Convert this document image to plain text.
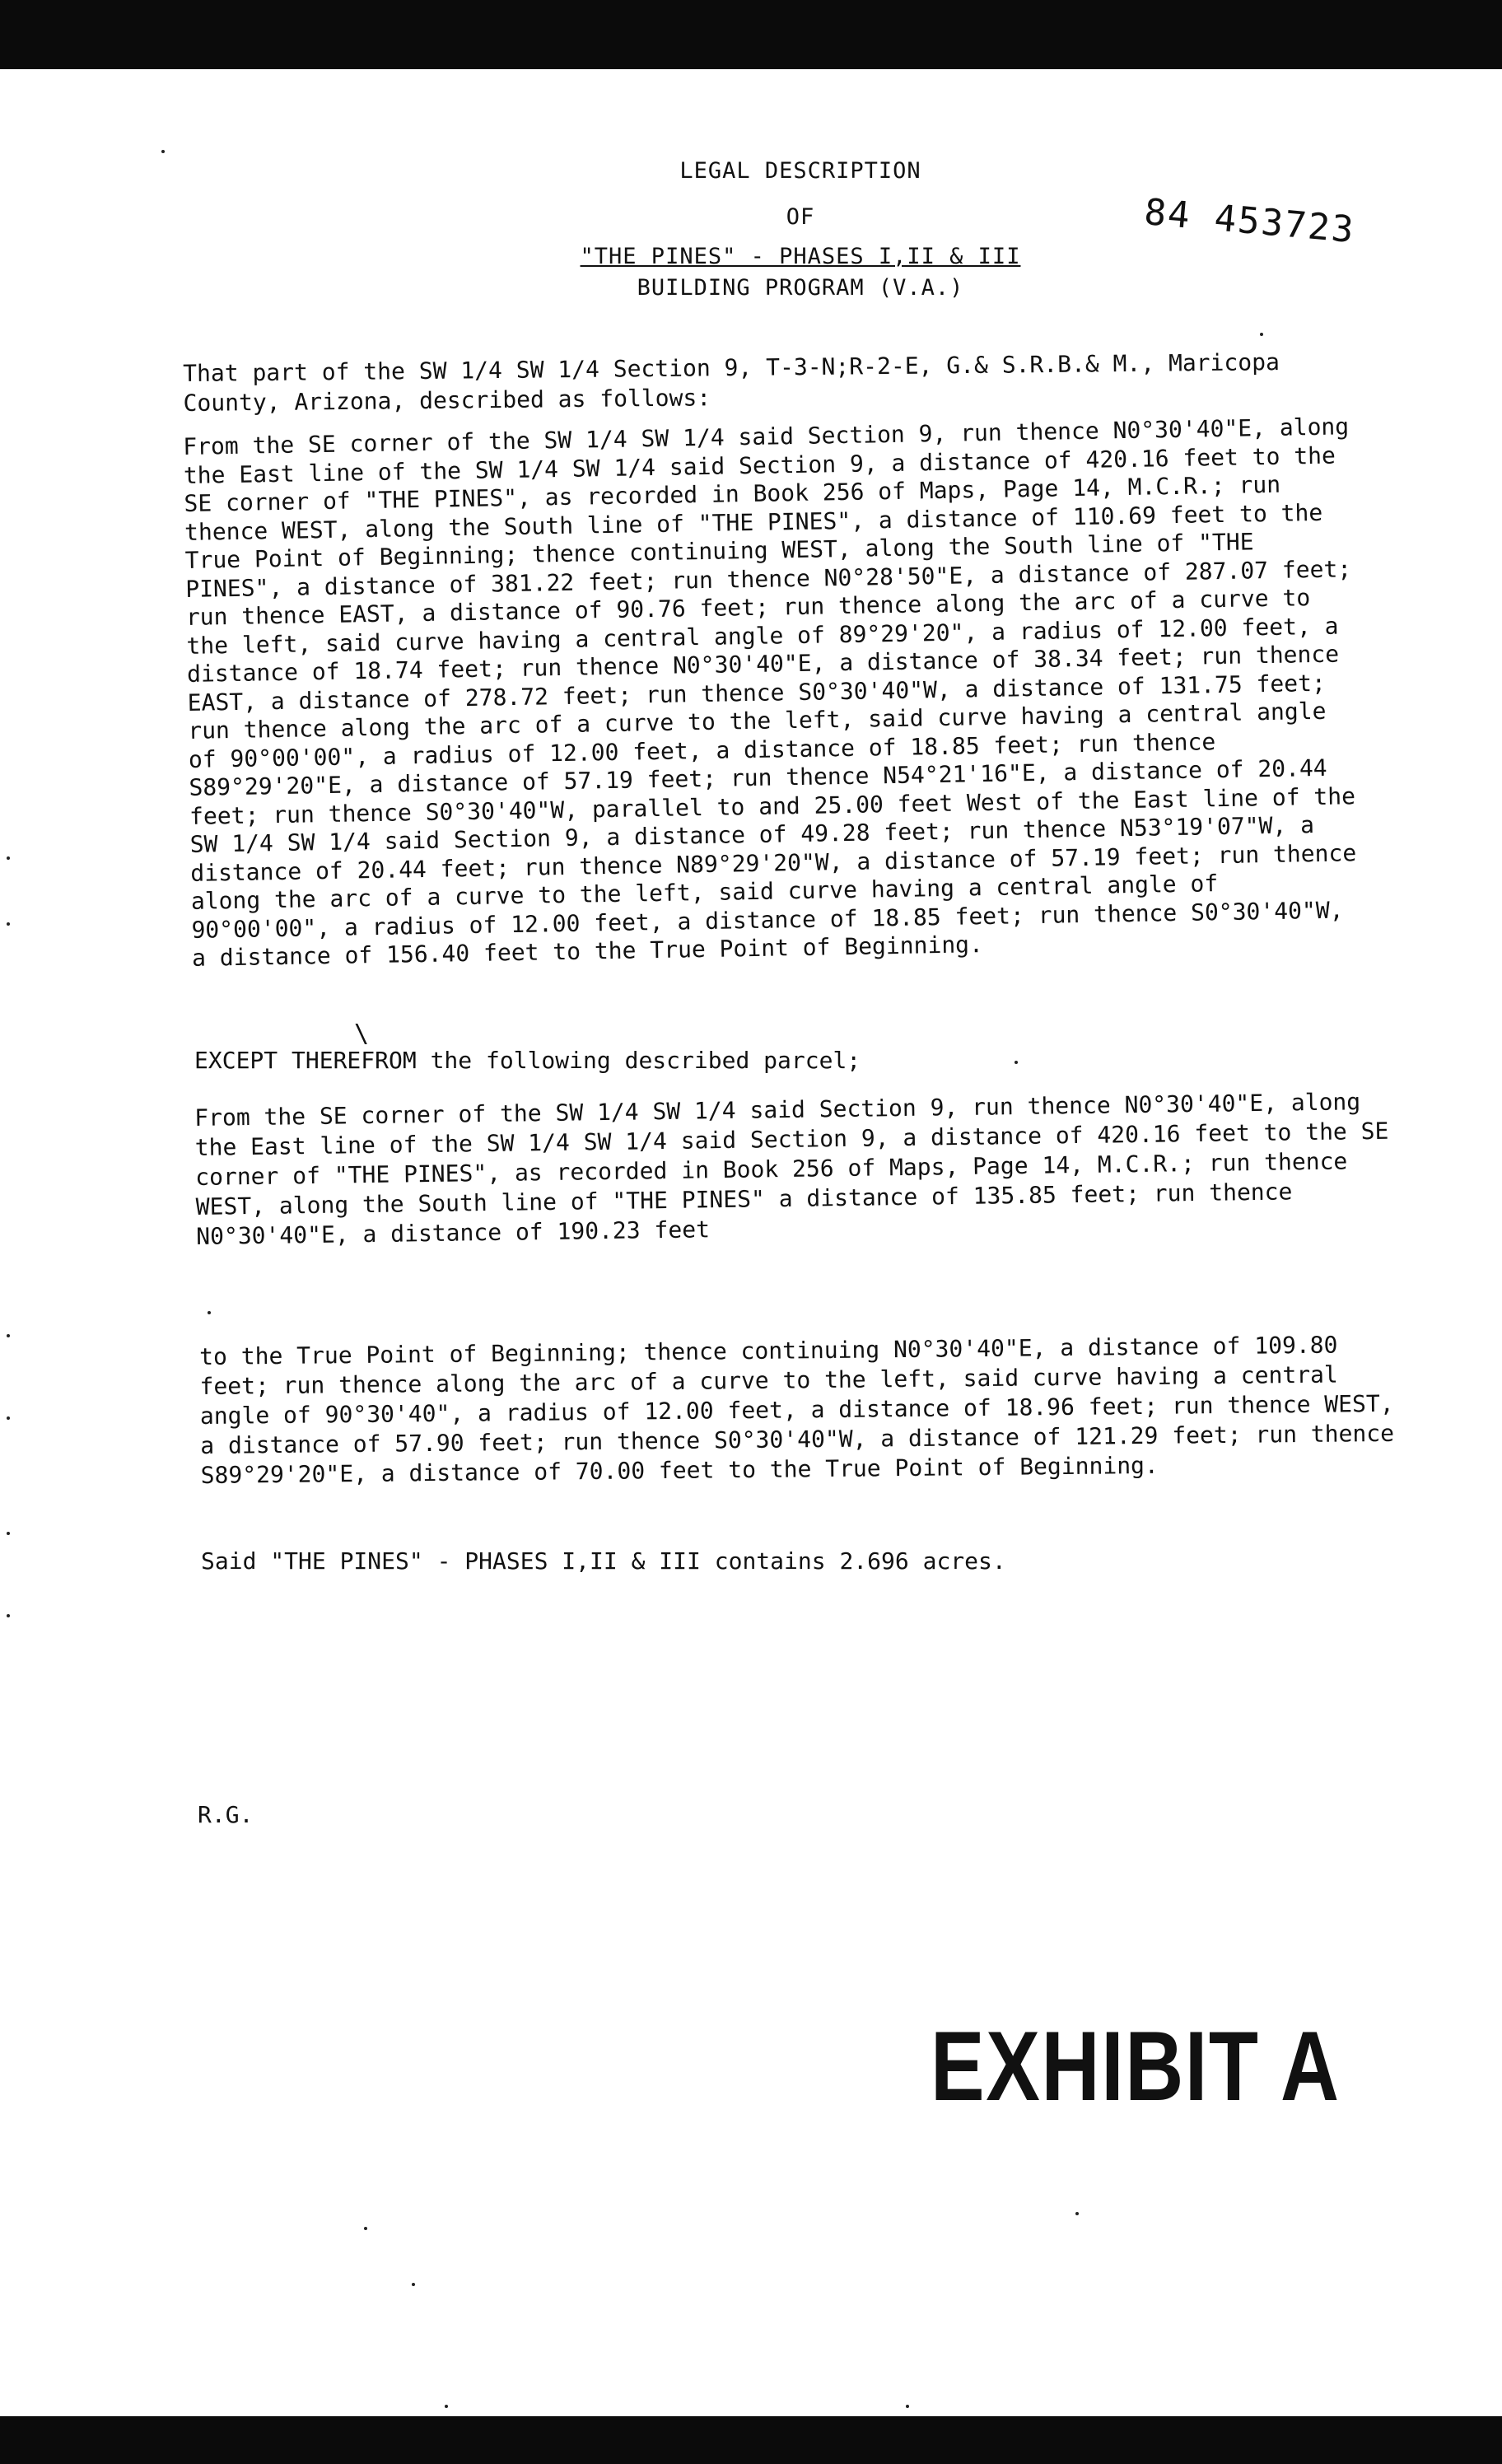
LEGAL DESCRIPTION
OF
"THE PINES" - PHASES I,II & III
BUILDING PROGRAM (V.A.)
84 453723

That part of the SW 1/4 SW 1/4 Section 9, T-3-N;R-2-E, G.& S.R.B.& M., Maricopa County, Arizona, described as follows:

From the SE corner of the SW 1/4 SW 1/4 said Section 9, run thence N0°30'40"E, along the East line of the SW 1/4 SW 1/4 said Section 9, a distance of 420.16 feet to the SE corner of "THE PINES", as recorded in Book 256 of Maps, Page 14, M.C.R.; run thence WEST, along the South line of "THE PINES", a distance of 110.69 feet to the True Point of Beginning; thence continuing WEST, along the South line of "THE PINES", a distance of 381.22 feet; run thence N0°28'50"E, a distance of 287.07 feet; run thence EAST, a distance of 90.76 feet; run thence along the arc of a curve to the left, said curve having a central angle of 89°29'20", a radius of 12.00 feet, a distance of 18.74 feet; run thence N0°30'40"E, a distance of 38.34 feet; run thence EAST, a distance of 278.72 feet; run thence S0°30'40"W, a distance of 131.75 feet; run thence along the arc of a curve to the left, said curve having a central angle of 90°00'00", a radius of 12.00 feet, a distance of 18.85 feet; run thence S89°29'20"E, a distance of 57.19 feet; run thence N54°21'16"E, a distance of 20.44 feet; run thence S0°30'40"W, parallel to and 25.00 feet West of the East line of the SW 1/4 SW 1/4 said Section 9, a distance of 49.28 feet; run thence N53°19'07"W, a distance of 20.44 feet; run thence N89°29'20"W, a distance of 57.19 feet; run thence along the arc of a curve to the left, said curve having a central angle of 90°00'00", a radius of 12.00 feet, a distance of 18.85 feet; run thence S0°30'40"W, a distance of 156.40 feet to the True Point of Beginning.

EXCEPT THEREFROM the following described parcel;

From the SE corner of the SW 1/4 SW 1/4 said Section 9, run thence N0°30'40"E, along the East line of the SW 1/4 SW 1/4 said Section 9, a distance of 420.16 feet to the SE corner of "THE PINES", as recorded in Book 256 of Maps, Page 14, M.C.R.; run thence WEST, along the South line of "THE PINES" a distance of 135.85 feet; run thence N0°30'40"E, a distance of 190.23 feet

to the True Point of Beginning; thence continuing N0°30'40"E, a distance of 109.80 feet; run thence along the arc of a curve to the left, said curve having a central angle of 90°30'40", a radius of 12.00 feet, a distance of 18.96 feet; run thence WEST, a distance of 57.90 feet; run thence S0°30'40"W, a distance of 121.29 feet; run thence S89°29'20"E, a distance of 70.00 feet to the True Point of Beginning.

Said "THE PINES" - PHASES I,II & III contains 2.696 acres.

R.G.

EXHIBIT A
\
